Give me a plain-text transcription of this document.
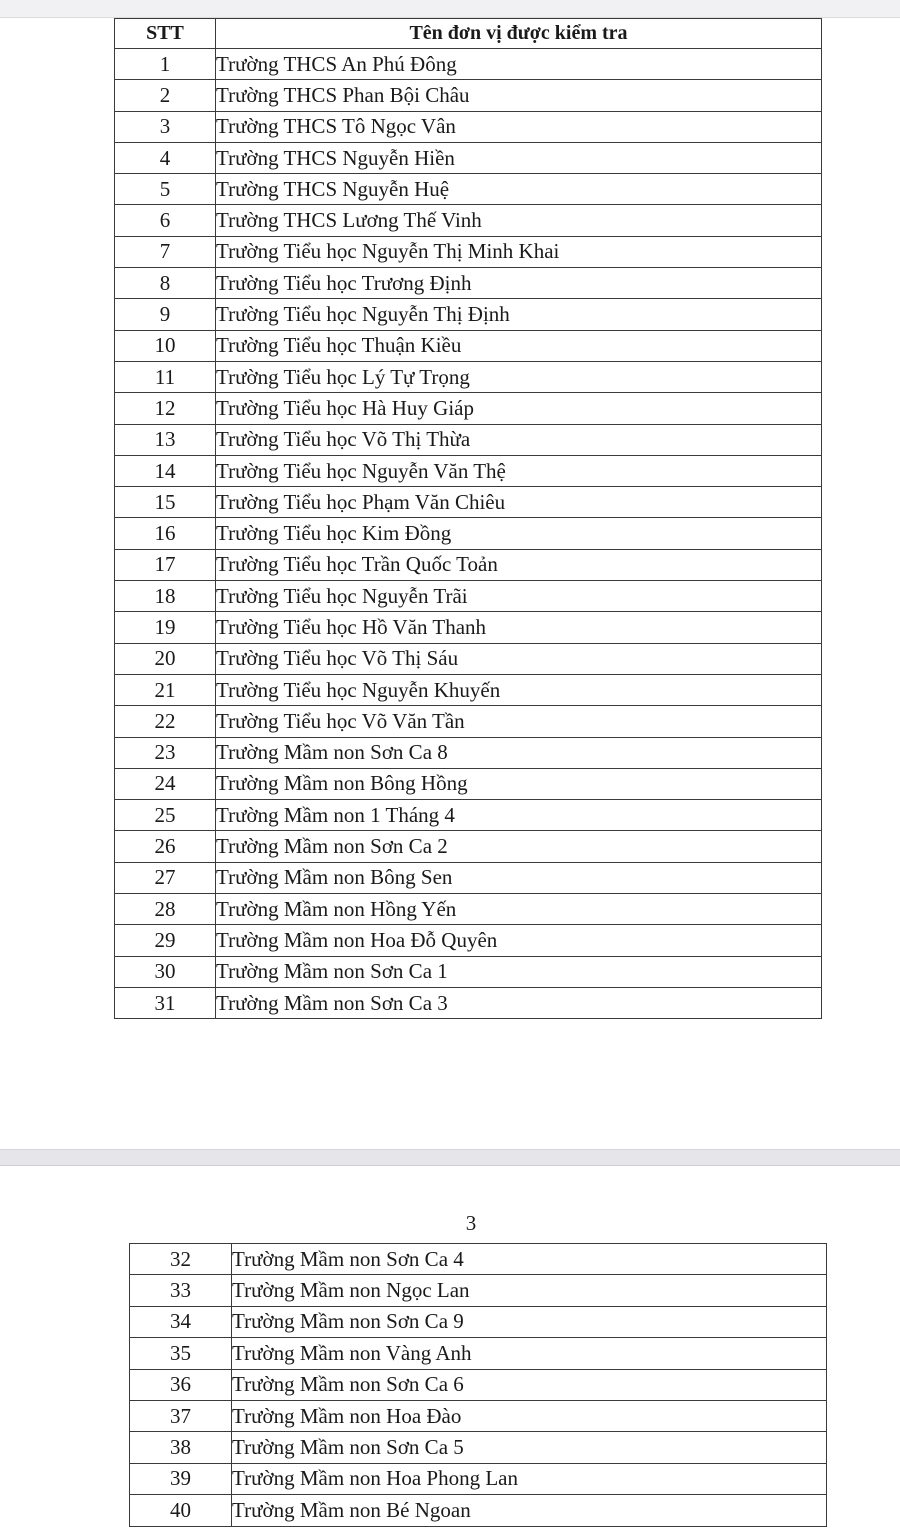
STT	Tên đơn vị được kiểm tra
1	Trường THCS An Phú Đông
2	Trường THCS Phan Bội Châu
3	Trường THCS Tô Ngọc Vân
4	Trường THCS Nguyễn Hiền
5	Trường THCS Nguyễn Huệ
6	Trường THCS Lương Thế Vinh
7	Trường Tiểu học Nguyễn Thị Minh Khai
8	Trường Tiểu học Trương Định
9	Trường Tiểu học Nguyễn Thị Định
10	Trường Tiểu học Thuận Kiều
11	Trường Tiểu học Lý Tự Trọng
12	Trường Tiểu học Hà Huy Giáp
13	Trường Tiểu học Võ Thị Thừa
14	Trường Tiểu học Nguyễn Văn Thệ
15	Trường Tiểu học Phạm Văn Chiêu
16	Trường Tiểu học Kim Đồng
17	Trường Tiểu học Trần Quốc Toản
18	Trường Tiểu học Nguyễn Trãi
19	Trường Tiểu học Hồ Văn Thanh
20	Trường Tiểu học Võ Thị Sáu
21	Trường Tiểu học Nguyễn Khuyến
22	Trường Tiểu học Võ Văn Tần
23	Trường Mầm non Sơn Ca 8
24	Trường Mầm non Bông Hồng
25	Trường Mầm non 1 Tháng 4
26	Trường Mầm non Sơn Ca 2
27	Trường Mầm non Bông Sen
28	Trường Mầm non Hồng Yến
29	Trường Mầm non Hoa Đỗ Quyên
30	Trường Mầm non Sơn Ca 1
31	Trường Mầm non Sơn Ca 3
3
32	Trường Mầm non Sơn Ca 4
33	Trường Mầm non Ngọc Lan
34	Trường Mầm non Sơn Ca 9
35	Trường Mầm non Vàng Anh
36	Trường Mầm non Sơn Ca 6
37	Trường Mầm non Hoa Đào
38	Trường Mầm non Sơn Ca 5
39	Trường Mầm non Hoa Phong Lan
40	Trường Mầm non Bé Ngoan
